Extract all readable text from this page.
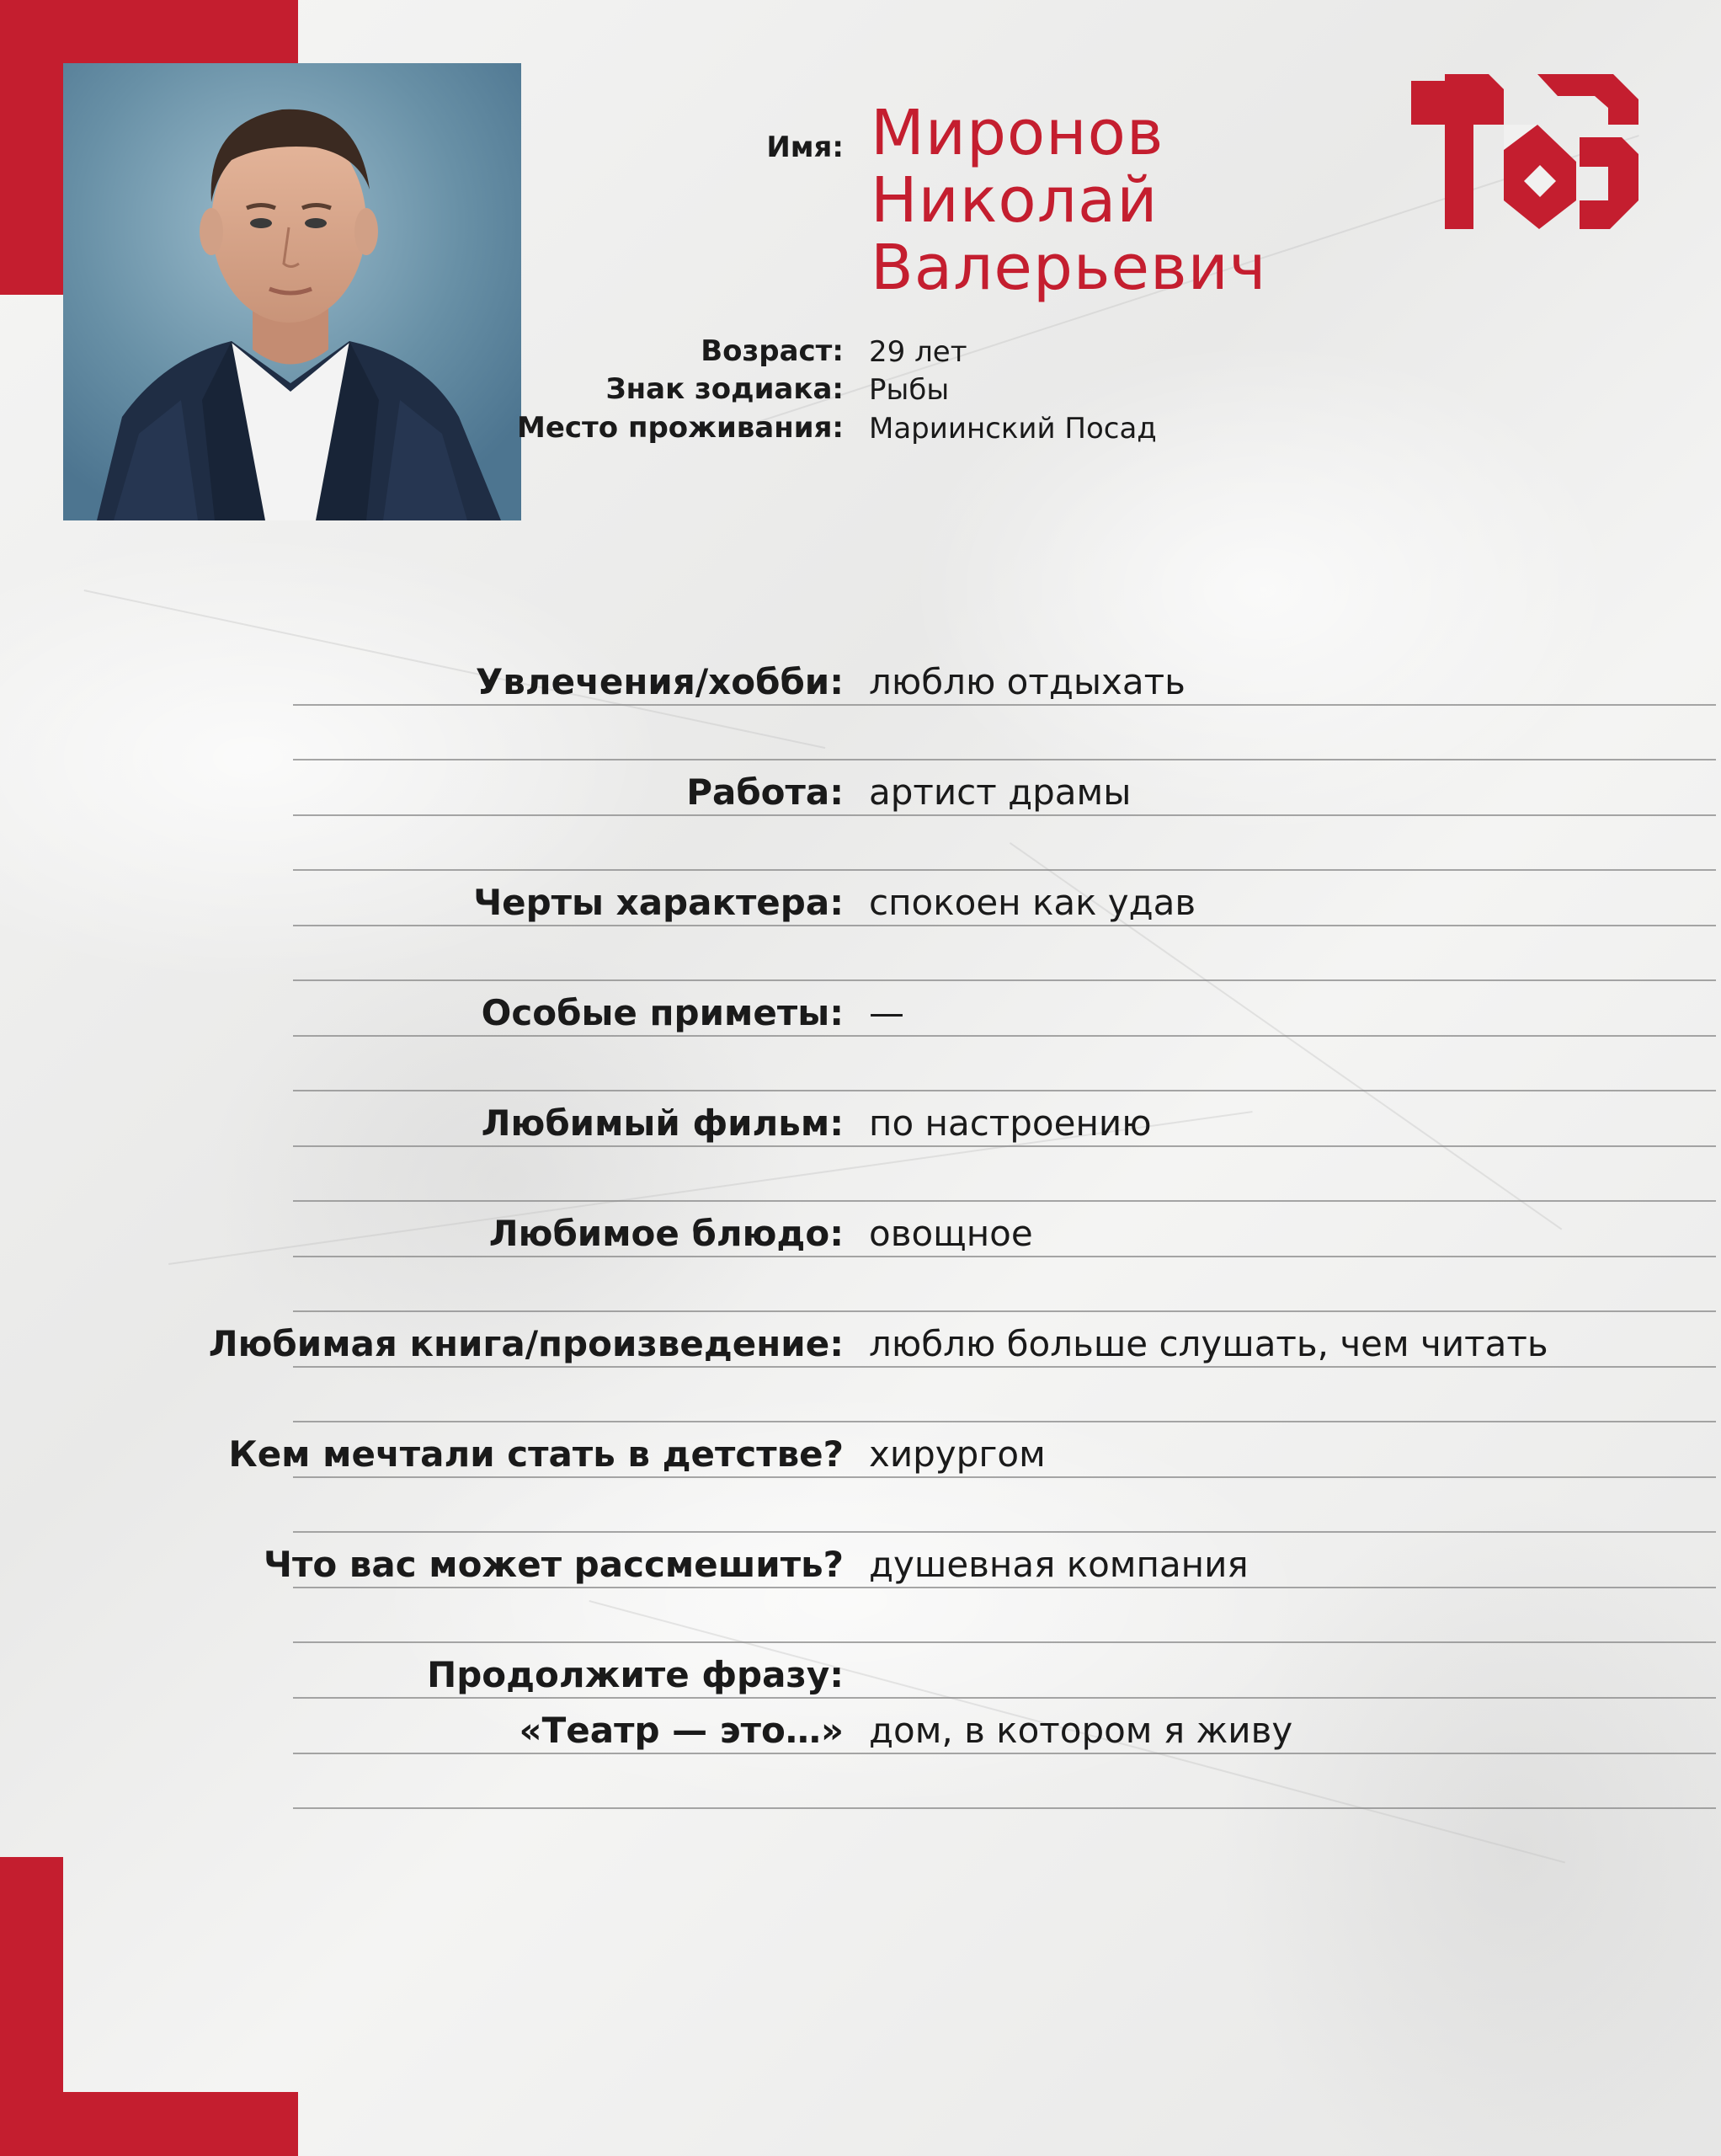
Имя: Миронов
Николай
Валерьевич
Возраст: 29 лет
Знак зодиака: Рыбы
Место проживания: Мариинский Посад
Увлечения/хобби: люблю отдыхать
Работа: артист драмы
Черты характера: спокоен как удав
Особые приметы: —
Любимый фильм: по настроению
Любимое блюдо: овощное
Любимая книга/произведение: люблю больше слушать, чем читать
Кем мечтали стать в детстве? хирургом
Что вас может рассмешить? душевная компания
Продолжите фразу:
«Театр — это…» дом, в котором я живу
